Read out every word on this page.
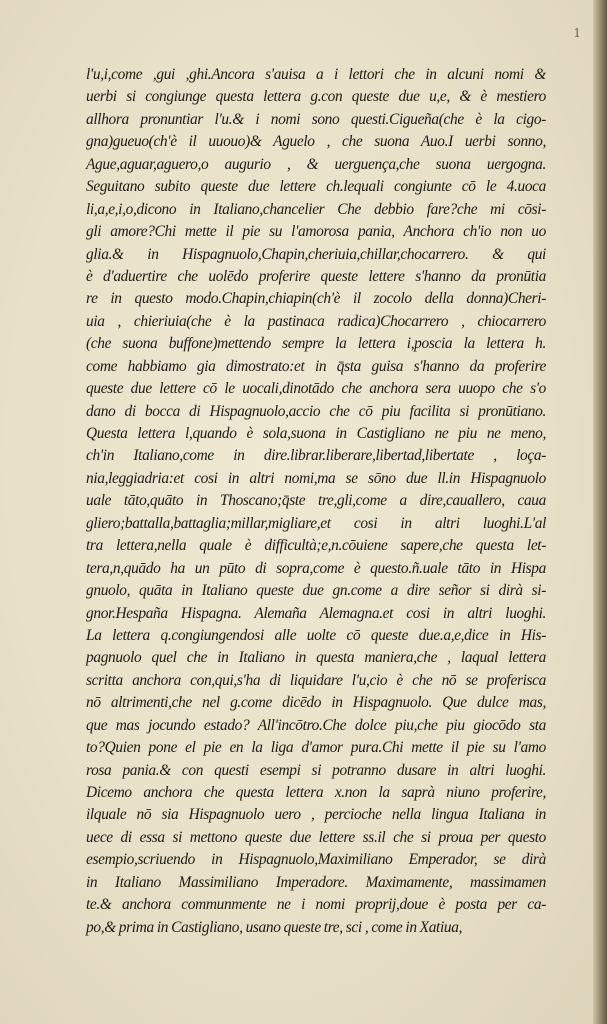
1
l'u,i,come ,gui ,ghi.Ancora s'auisa a i lettori che in alcuni nomi &
uerbi si congiunge questa lettera g.con queste due u,e, & è mestiero
allhora pronuntiar l'u.& i nomi sono questi.Cigueña(che è la cigo-
gna)gueuo(ch'è il uuouo)& Aguelo , che suona Auo.I uerbi sonno,
Ague,aguar,aguero,o augurio , & uerguença,che suona uergogna.
Seguitano subito queste due lettere ch.lequali congiunte cō le 4.uoca
li,a,e,i,o,dicono in Italiano,chancelier Che debbio fare?che mi cōsi-
gli amore?Chi mette il pie su l'amorosa pania, Anchora ch'io non uo
glia.& in Hispagnuolo,Chapin,cheriuia,chillar,chocarrero. & qui
è d'aduertire che uolēdo proferire queste lettere s'hanno da pronūtia
re in questo modo.Chapin,chiapin(ch'è il zocolo della donna)Cheri-
uia , chieriuia(che è la pastinaca radica)Chocarrero , chiocarrero
(che suona buffone)mettendo sempre la lettera i,poscia la lettera h.
come habbiamo gia dimostrato:et in q̄sta guisa s'hanno da proferire
queste due lettere cō le uocali,dinotādo che anchora sera uuopo che s'o
dano di bocca di Hispagnuolo,accio che cō piu facilita si pronūtiano.
Questa lettera l,quando è sola,suona in Castigliano ne piu ne meno,
ch'in Italiano,come in dire.librar.liberare,libertad,libertate , loça-
nia,leggiadria:et cosi in altri nomi,ma se sōno due ll.in Hispagnuolo
uale tāto,quāto in Thoscano;q̄ste tre,gli,come a dire,cauallero, caua
gliero;battalla,battaglia;millar,migliare,et cosi in altri luoghi.L'al
tra lettera,nella quale è difficultà;e,n.cōuiene sapere,che questa let-
tera,n,quādo ha un pūto di sopra,come è questo.ñ.uale tāto in Hispa
gnuolo, quāta in Italiano queste due gn.come a dire señor si dirà si-
gnor.Hespaña Hispagna. Alemaña Alemagna.et cosi in altri luoghi.
La lettera q.congiungendosi alle uolte cō queste due.a,e,dice in His-
pagnuolo quel che in Italiano in questa maniera,che , laqual lettera
scritta anchora con,qui,s'ha di liquidare l'u,cio è che nō se proferisca
nō altrimenti,che nel g.come dicēdo in Hispagnuolo. Que dulce mas,
que mas jocundo estado? All'incōtro.Che dolce piu,che piu giocōdo sta
to?Quien pone el pie en la liga d'amor pura.Chi mette il pie su l'amo
rosa pania.& con questi esempi si potranno dusare in altri luoghi.
Dicemo anchora che questa lettera x.non la saprà niuno proferire,
ilquale nō sia Hispagnuolo uero , percioche nella lingua Italiana in
uece di essa si mettono queste due lettere ss.il che si proua per questo
esempio,scriuendo in Hispagnuolo,Maximiliano Emperador, se dirà
in Italiano Massimiliano Imperadore. Maximamente, massimamen
te.& anchora communmente ne i nomi proprij,doue è posta per ca-
po,& prima in Castigliano, usano queste tre, sci , come in Xatiua,
